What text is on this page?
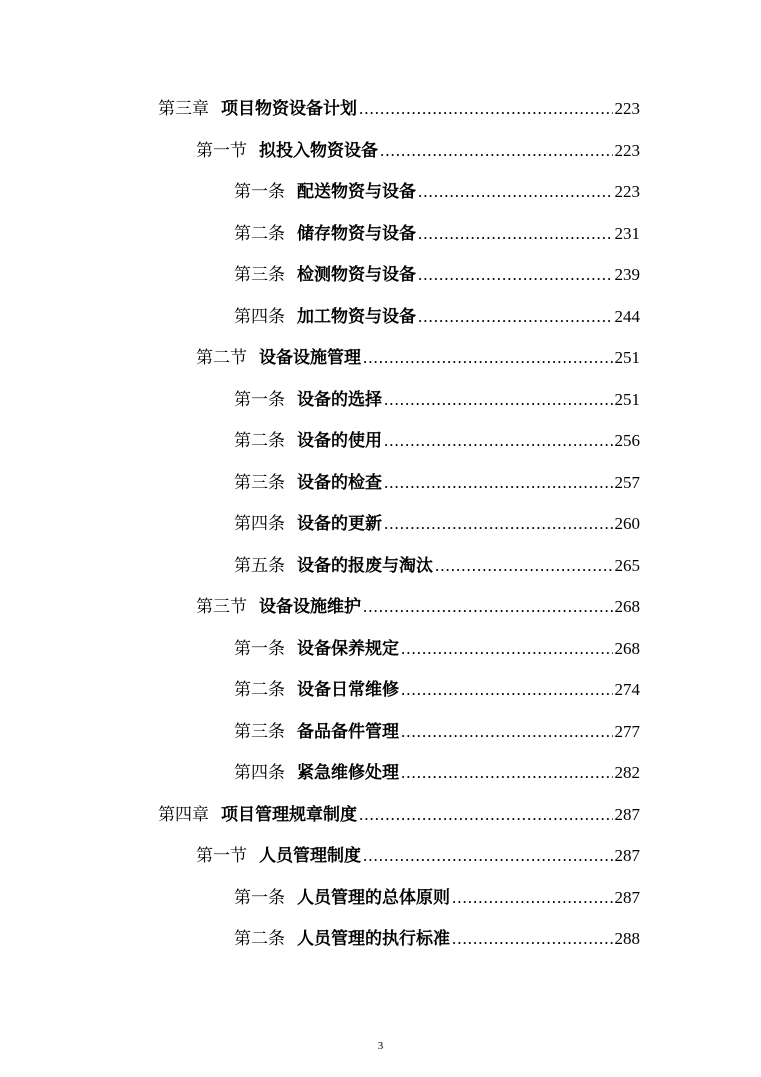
第三章 项目物资设备计划 .....	223
第一节 拟投入物资设备 .....	223
第一条 配送物资与设备 .....	223
第二条 储存物资与设备 .....	231
第三条 检测物资与设备 .....	239
第四条 加工物资与设备 .....	244
第二节 设备设施管理 .....	251
第一条 设备的选择 .....	251
第二条 设备的使用 .....	256
第三条 设备的检查 .....	257
第四条 设备的更新 .....	260
第五条 设备的报废与淘汰 .....	265
第三节 设备设施维护 .....	268
第一条 设备保养规定 .....	268
第二条 设备日常维修 .....	274
第三条 备品备件管理 .....	277
第四条 紧急维修处理 .....	282
第四章 项目管理规章制度 .....	287
第一节 人员管理制度 .....	287
第一条 人员管理的总体原则 .....	287
第二条 人员管理的执行标准 .....	288
3
